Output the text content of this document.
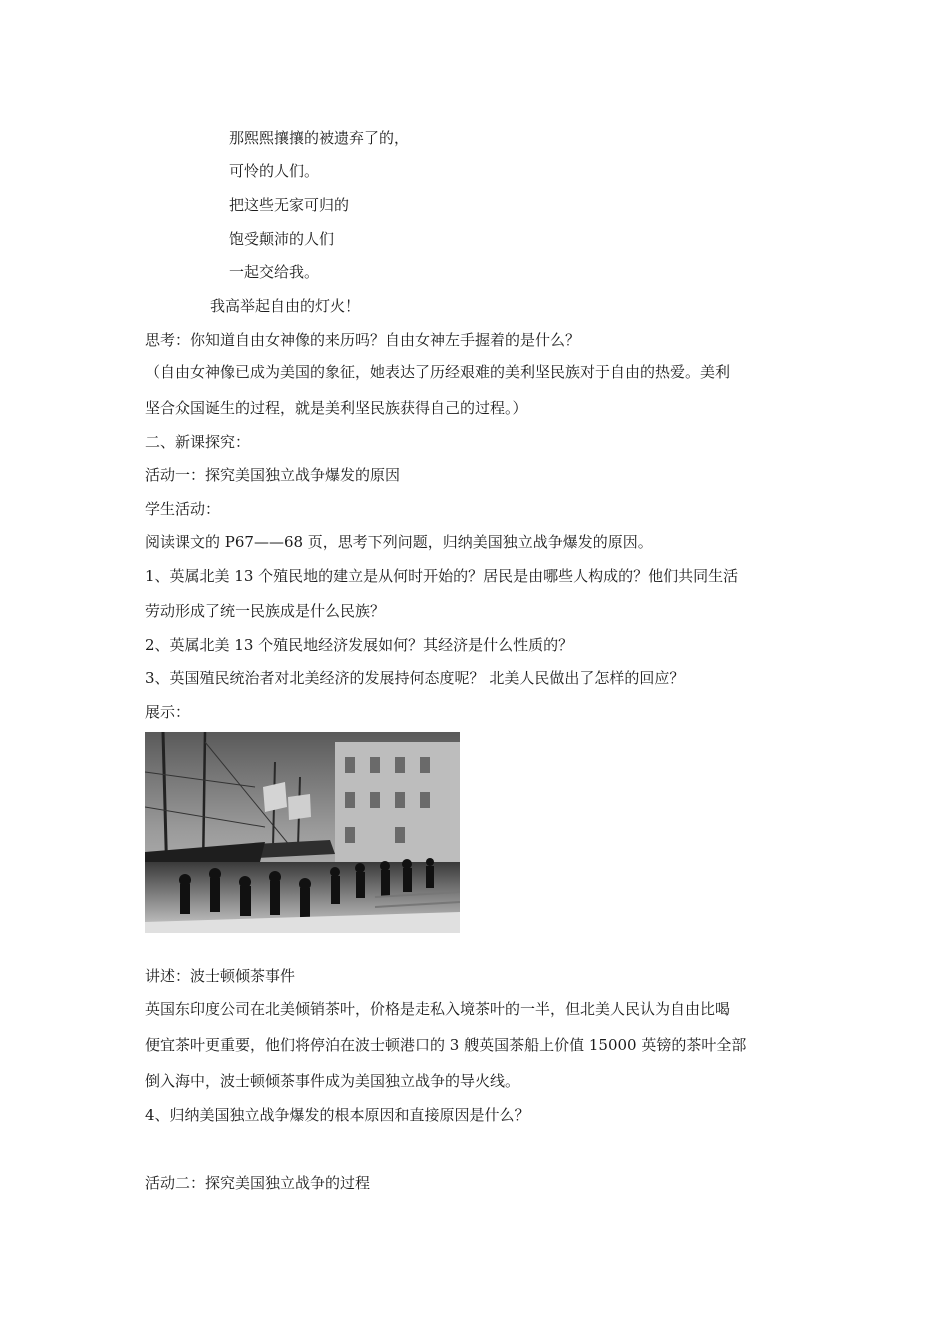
那熙熙攘攘的被遗弃了的，
可怜的人们。
把这些无家可归的
饱受颠沛的人们
一起交给我。
我高举起自由的灯火！
思考：你知道自由女神像的来历吗？自由女神左手握着的是什么？
（自由女神像已成为美国的象征，她表达了历经艰难的美利坚民族对于自由的热爱。美利
坚合众国诞生的过程，就是美利坚民族获得自己的过程。）
二、新课探究：
活动一：探究美国独立战争爆发的原因
学生活动：
阅读课文的 P67——68 页，思考下列问题，归纳美国独立战争爆发的原因。
1、英属北美 13 个殖民地的建立是从何时开始的？居民是由哪些人构成的？他们共同生活
劳动形成了统一民族成是什么民族？
2、英属北美 13 个殖民地经济发展如何？其经济是什么性质的？
3、英国殖民统治者对北美经济的发展持何态度呢？ 北美人民做出了怎样的回应？
展示：
讲述：波士顿倾茶事件
英国东印度公司在北美倾销茶叶，价格是走私入境茶叶的一半，但北美人民认为自由比喝
便宜茶叶更重要，他们将停泊在波士顿港口的 3 艘英国茶船上价值 15000 英镑的茶叶全部
倒入海中，波士顿倾茶事件成为美国独立战争的导火线。
4、归纳美国独立战争爆发的根本原因和直接原因是什么？
活动二：探究美国独立战争的过程
